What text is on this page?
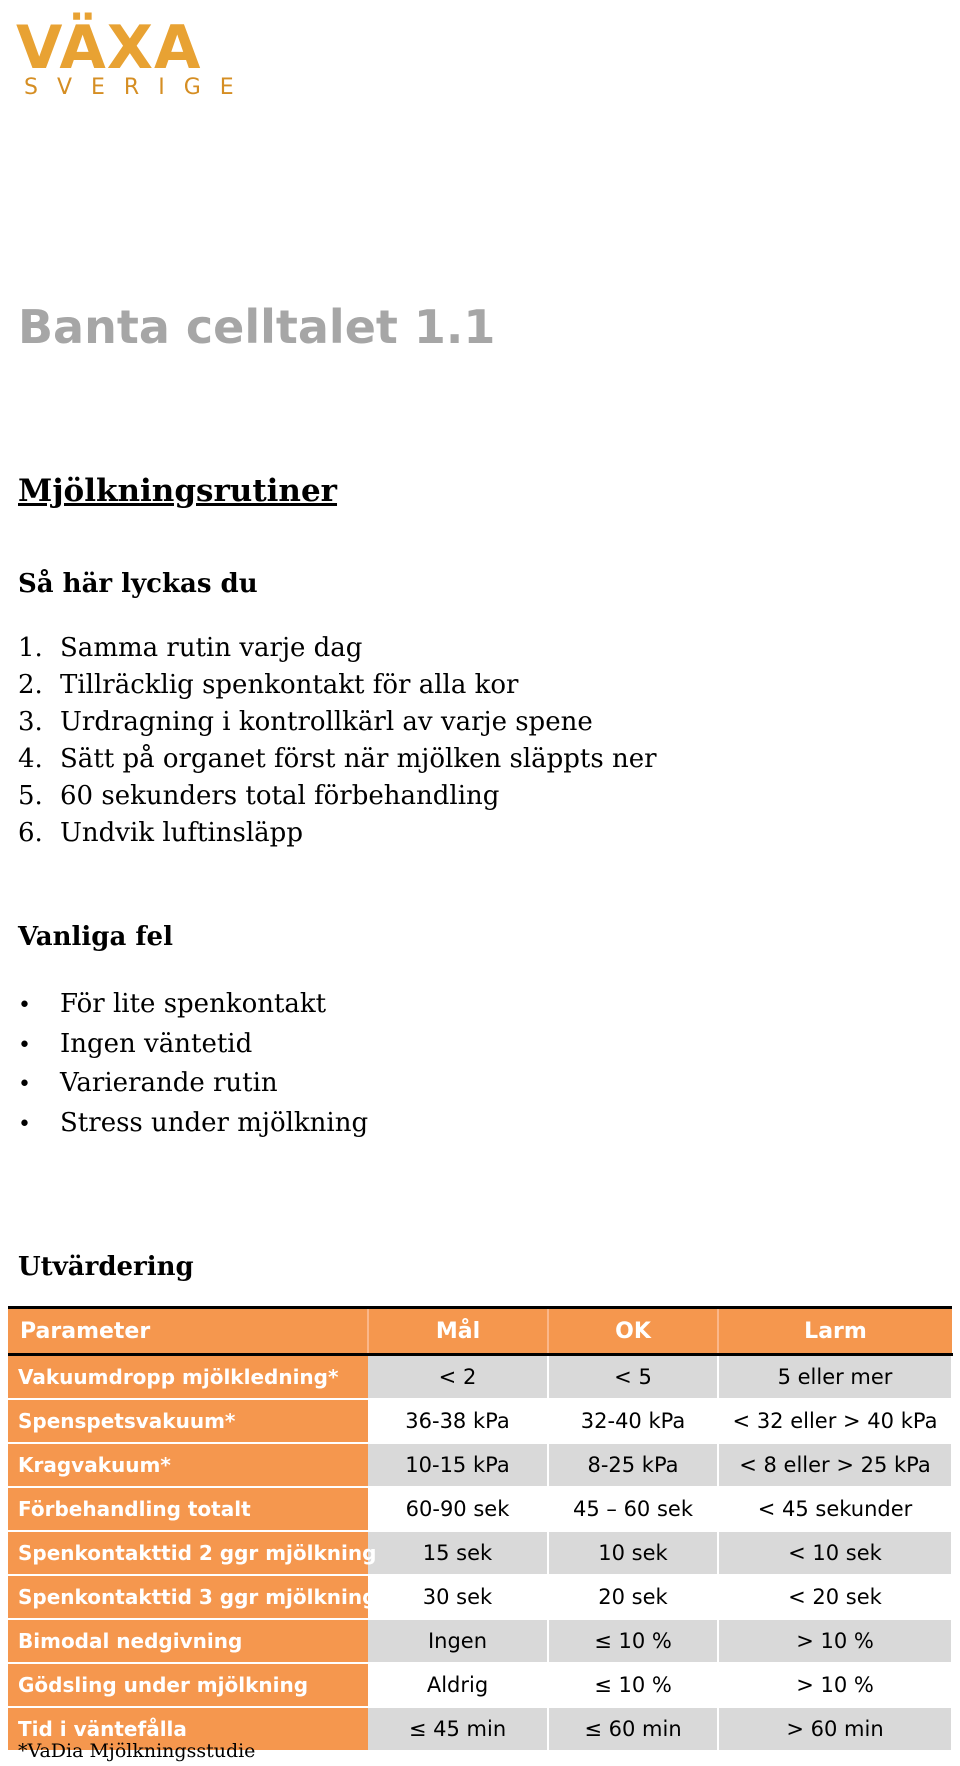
VÄXA
SVERIGE
Banta celltalet 1.1
Mjölkningsrutiner
Så här lyckas du
1. Samma rutin varje dag
2. Tillräcklig spenkontakt för alla kor
3. Urdragning i kontrollkärl av varje spene
4. Sätt på organet först när mjölken släppts ner
5. 60 sekunders total förbehandling
6. Undvik luftinsläpp
Vanliga fel
• För lite spenkontakt
• Ingen väntetid
• Varierande rutin
• Stress under mjölkning
Utvärdering
Parameter	Mål	OK	Larm
Vakuumdropp mjölkledning*	< 2	< 5	5 eller mer
Spenspetsvakuum*	36-38 kPa	32-40 kPa	< 32 eller > 40 kPa
Kragvakuum*	10-15 kPa	8-25 kPa	< 8 eller > 25 kPa
Förbehandling totalt	60-90 sek	45 – 60 sek	< 45 sekunder
Spenkontakttid 2 ggr mjölkning	15 sek	10 sek	< 10 sek
Spenkontakttid 3 ggr mjölkning	30 sek	20 sek	< 20 sek
Bimodal nedgivning	Ingen	≤ 10 %	> 10 %
Gödsling under mjölkning	Aldrig	≤ 10 %	> 10 %
Tid i väntefålla	≤ 45 min	≤ 60 min	> 60 min

*VaDia Mjölkningsstudie
